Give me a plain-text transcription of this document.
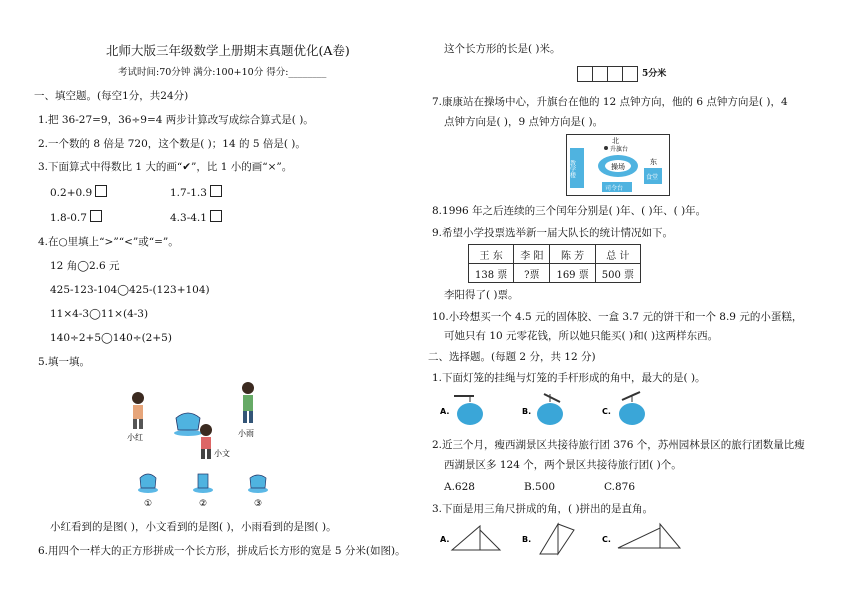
北师大版三年级数学上册期末真题优化(A卷)
考试时间:70分钟 满分:100+10分 得分:________
一、填空题。(每空1分，共24分)
1.把 36-27=9，36÷9=4 两步计算改写成综合算式是( )。
2.一个数的 8 倍是 720，这个数是( )；14 的 5 倍是( )。
3.下面算式中得数比 1 大的画“✔”，比 1 小的画“×”。
0.2+0.9	1.7-1.3
1.8-0.7	4.3-4.1
4.在○里填上“>”“<”或“=”。
12 角◯2.6 元
425-123-104◯425-(123+104)
11×4-3◯11×(4-3)
140÷2+5◯140÷(2+5)
5.填一填。
小红	小雨
小文
①	②	③
小红看到的是图( )，小文看到的是图( )，小雨看到的是图( )。
6.用四个一样大的正方形拼成一个长方形，拼成后长方形的宽是 5 分米(如图)。
这个长方形的长是( )米。
5分米
7.康康站在操场中心，升旗台在他的 12 点钟方向，他的 6 点钟方向是( )，4
点钟方向是( )，9 点钟方向是( )。
北
升旗台
教学楼	操场
东
食堂
司令台
8.1996 年之后连续的三个闰年分别是( )年、( )年、( )年。
9.希望小学投票选举新一届大队长的统计情况如下。
王 东	李 阳	陈 芳	总 计
138 票	?票	169 票	500 票
李阳得了( )票。
10.小玲想买一个 4.5 元的固体胶、一盒 3.7 元的饼干和一个 8.9 元的小蛋糕，
可她只有 10 元零花钱，所以她只能买( )和( )这两样东西。
二、选择题。(每题 2 分，共 12 分)
1.下面灯笼的挂绳与灯笼的手杆形成的角中，最大的是( )。
A.	B.	C.
2.近三个月，瘦西湖景区共接待旅行团 376 个，苏州园林景区的旅行团数量比瘦
西湖景区多 124 个，两个景区共接待旅行团( )个。
A.628	B.500	C.876
3.下面是用三角尺拼成的角，( )拼出的是直角。
A.	B.	C.
